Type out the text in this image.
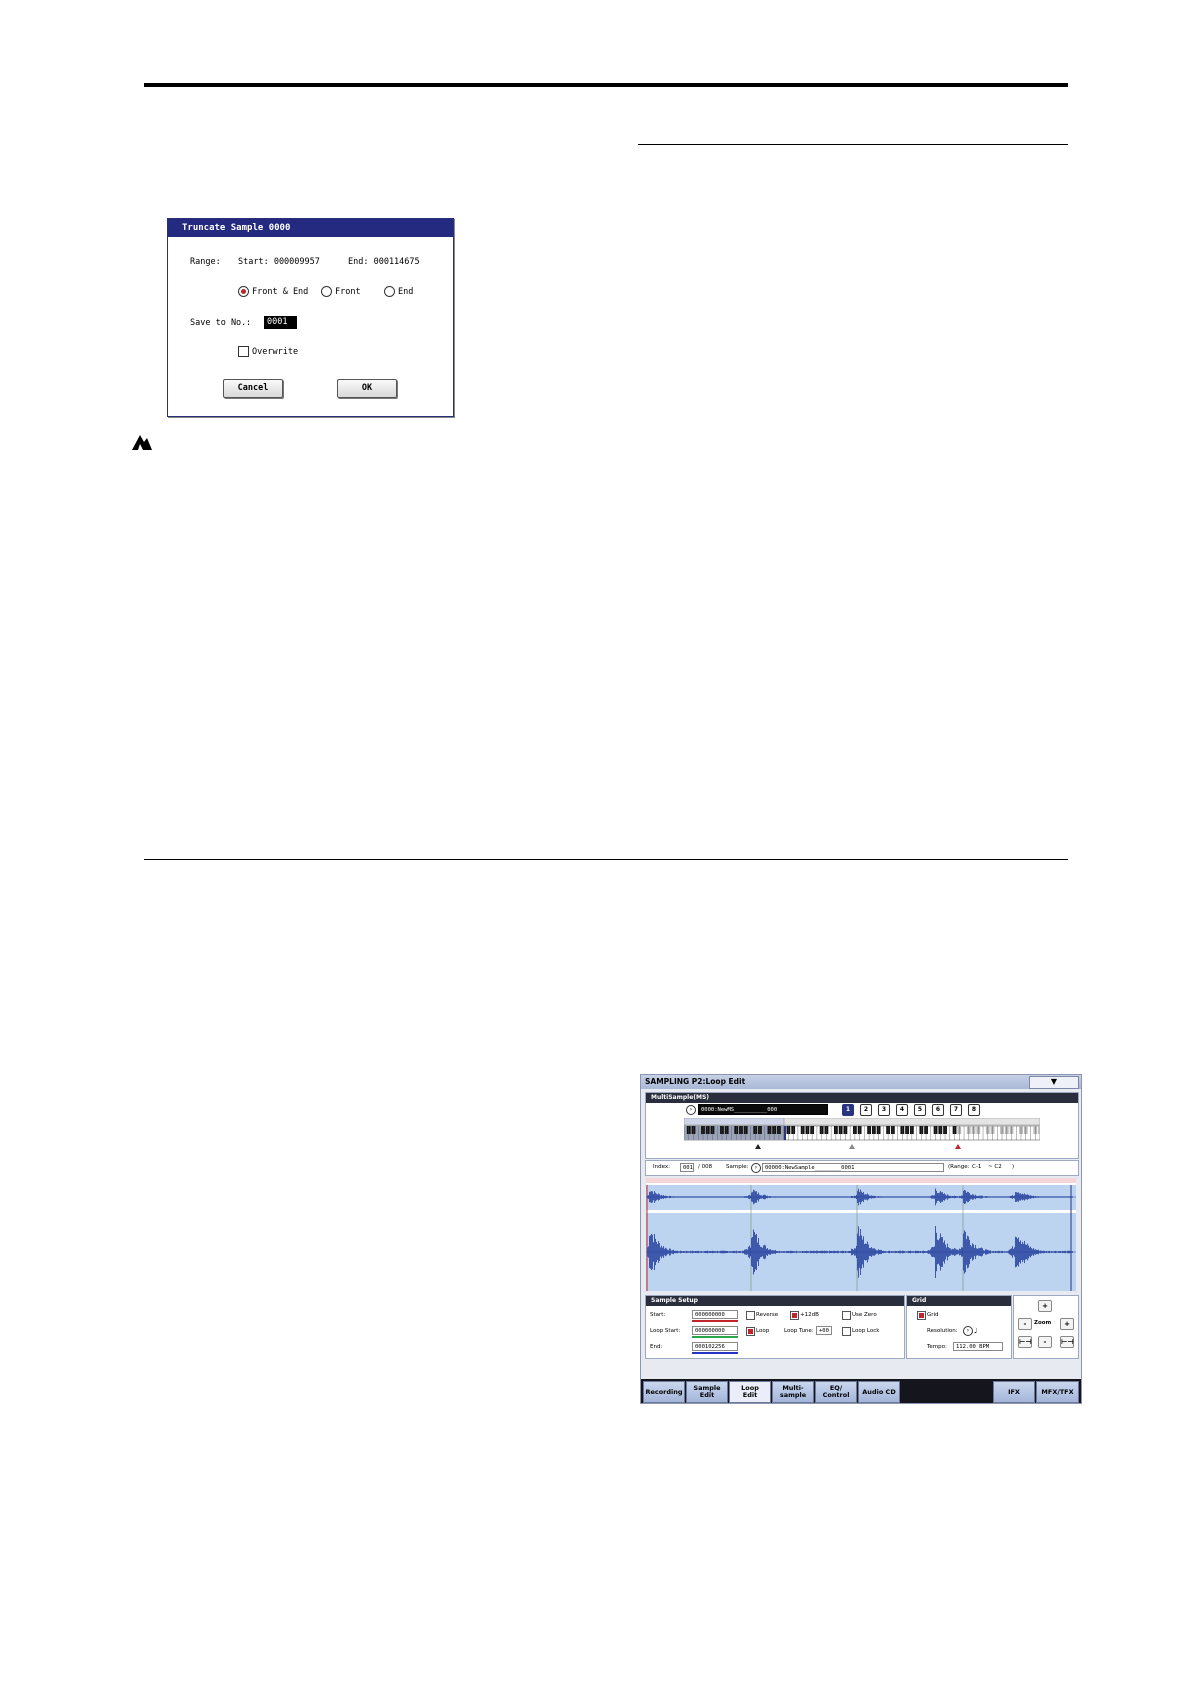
Truncate Sample 0000
Range: Start: 000009957	End: 000114675
Front & End	Front	End
Save to No. :	0001
Overwrite
Cancel	OK
SAMPLING P2:Loop Edit	▼
MultiSample(MS)
›	0000:NewMS__________000	1	2	3	4	5	6	7	8
Index:	001 / 008	Sample:	›	00000:NewSample________0001	(Range: C-1 ~ C2 )
Sample Setup
Start:	000000000
Loop Start:	000000000
End:	000102256
Reverse	+12dB
Loop	Loop Tune: +00
Use Zero
Loop Lock
Grid
Grid
Resolution:	› ♩
Tempo:	112.00 BPM
+
-	Zoom	+
⊢⊣	-	⊢⊣
Recording	Sample
Edit
Loop
Edit
Multi-
sample
EQ/
Control	Audio CD	IFX	MFX/TFX
